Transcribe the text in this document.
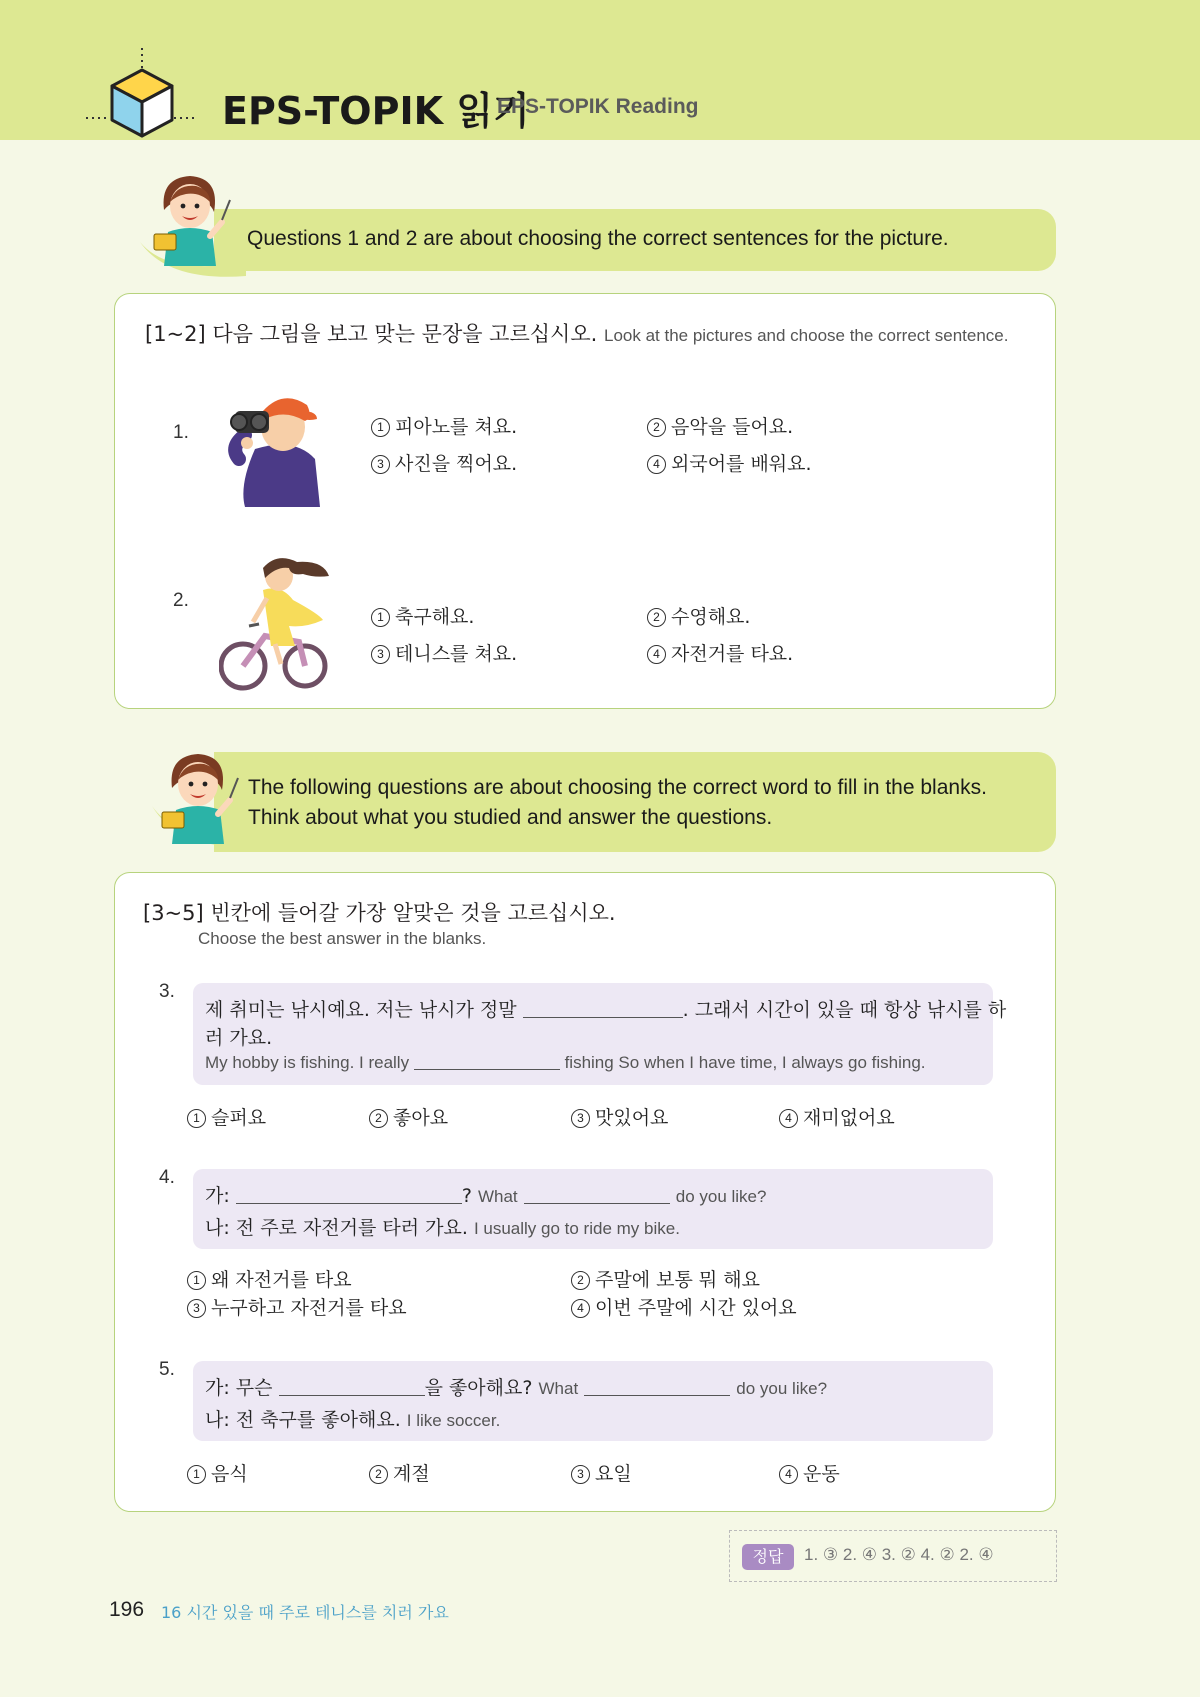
EPS-TOPIK 읽기
EPS-TOPIK Reading
Questions 1 and 2 are about choosing the correct sentences for the picture.
[1~2] 다음 그림을 보고 맞는 문장을 고르십시오. Look at the pictures and choose the correct sentence.
1.	1 피아노를 쳐요.	2 음악을 들어요.
3 사진을 찍어요.	4 외국어를 배워요.
2.
1 축구해요.	2 수영해요.
3 테니스를 쳐요.	4 자전거를 타요.
The following questions are about choosing the correct word to fill in the blanks.
Think about what you studied and answer the questions.
[3~5] 빈칸에 들어갈 가장 알맞은 것을 고르십시오.
Choose the best answer in the blanks.
3.
제 취미는 낚시예요. 저는 낚시가 정말	. 그래서 시간이 있을 때 항상 낚시를 하
러 가요.
My hobby is fishing. I really	fishing So when I have time, I always go fishing.
1 슬퍼요	2 좋아요	3 맛있어요	4 재미없어요
4.
가:	? What	do you like?
나: 전 주로 자전거를 타러 가요. I usually go to ride my bike.
1 왜 자전거를 타요	2 주말에 보통 뭐 해요
3 누구하고 자전거를 타요	4 이번 주말에 시간 있어요
5.
가: 무슨	을 좋아해요? What	do you like?
나: 전 축구를 좋아해요. I like soccer.
1 음식	2 계절	3 요일	4 운동
정답	1. ③ 2. ④ 3. ② 4. ② 2. ④
196 16 시간 있을 때 주로 테니스를 치러 가요
